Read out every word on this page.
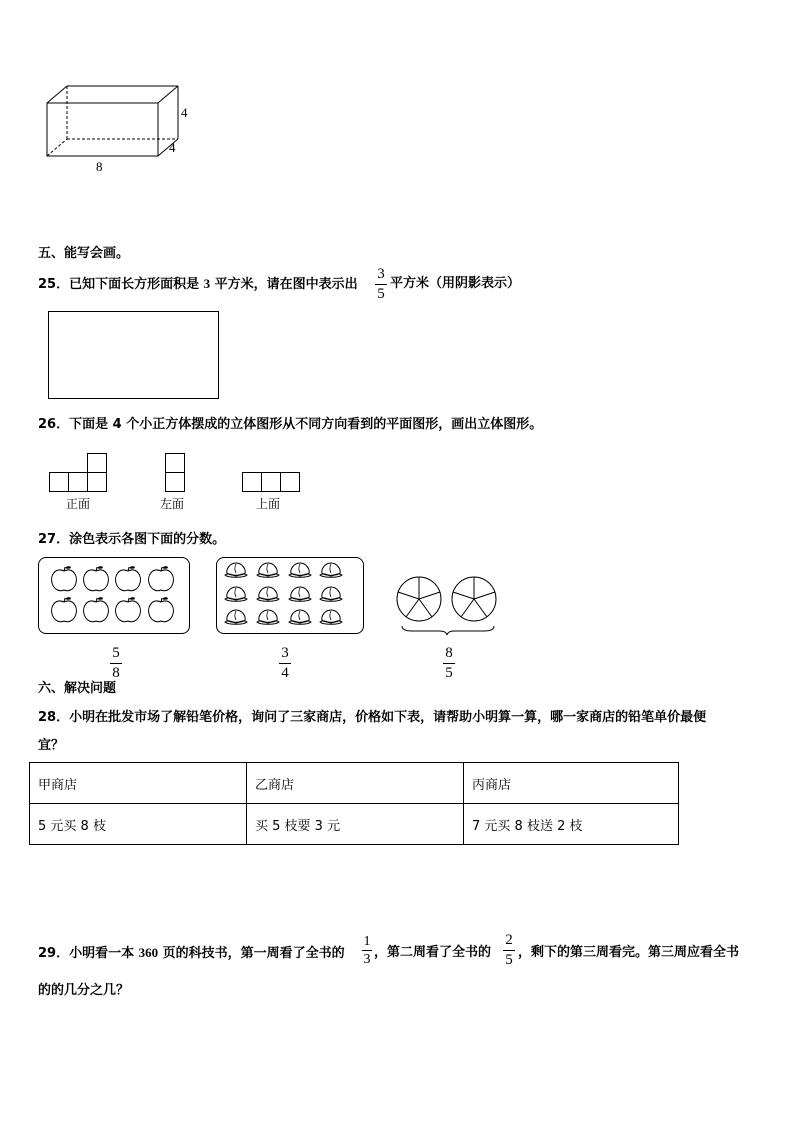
4
4
8
五、能写会画。
25．已知下面长方形面积是 3 平方米，请在图中表示出
3
5
平方米（用阴影表示）
26．下面是 4 个小正方体摆成的立体图形从不同方向看到的平面图形，画出立体图形。
正面	左面	上面
27．涂色表示各图下面的分数。
5
8
3
4
8
5
六、解决问题
28．小明在批发市场了解铅笔价格，询问了三家商店，价格如下表，请帮助小明算一算，哪一家商店的铅笔单价最便
宜？
甲商店	乙商店	丙商店
5 元买 8 枝	买 5 枝要 3 元	7 元买 8 枝送 2 枝
29．小明看一本 360 页的科技书，第一周看了全书的
1
3 ，第二周看了全书的
2
5 ，剩下的第三周看完。第三周应看全书
的的几分之几？
